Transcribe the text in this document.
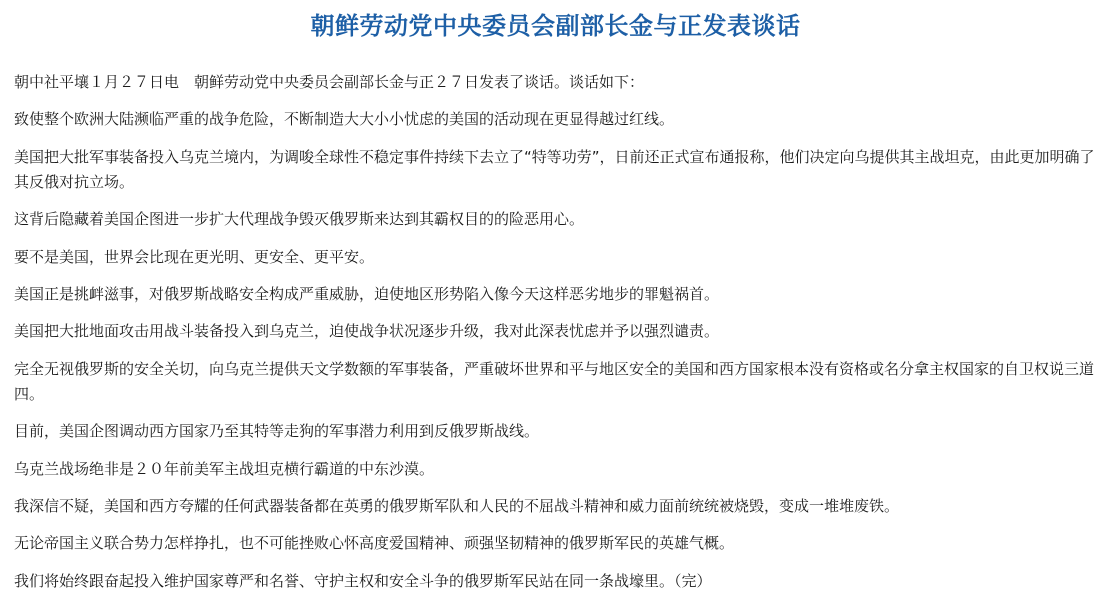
朝鲜劳动党中央委员会副部长金与正发表谈话

朝中社平壤１月２７日电　朝鲜劳动党中央委员会副部长金与正２７日发表了谈话。谈话如下：

致使整个欧洲大陆濒临严重的战争危险，不断制造大大小小忧虑的美国的活动现在更显得越过红线。

美国把大批军事装备投入乌克兰境内，为调唆全球性不稳定事件持续下去立了“特等功劳”，日前还正式宣布通报称，他们决定向乌提供其主战坦克，由此更加明确了其反俄对抗立场。

这背后隐藏着美国企图进一步扩大代理战争毁灭俄罗斯来达到其霸权目的的险恶用心。

要不是美国，世界会比现在更光明、更安全、更平安。

美国正是挑衅滋事，对俄罗斯战略安全构成严重威胁，迫使地区形势陷入像今天这样恶劣地步的罪魁祸首。

美国把大批地面攻击用战斗装备投入到乌克兰，迫使战争状况逐步升级，我对此深表忧虑并予以强烈谴责。

完全无视俄罗斯的安全关切，向乌克兰提供天文学数额的军事装备，严重破坏世界和平与地区安全的美国和西方国家根本没有资格或名分拿主权国家的自卫权说三道四。

目前，美国企图调动西方国家乃至其特等走狗的军事潜力利用到反俄罗斯战线。

乌克兰战场绝非是２０年前美军主战坦克横行霸道的中东沙漠。

我深信不疑，美国和西方夸耀的任何武器装备都在英勇的俄罗斯军队和人民的不屈战斗精神和威力面前统统被烧毁，变成一堆堆废铁。

无论帝国主义联合势力怎样挣扎，也不可能挫败心怀高度爱国精神、顽强坚韧精神的俄罗斯军民的英雄气概。

我们将始终跟奋起投入维护国家尊严和名誉、守护主权和安全斗争的俄罗斯军民站在同一条战壕里。（完）
